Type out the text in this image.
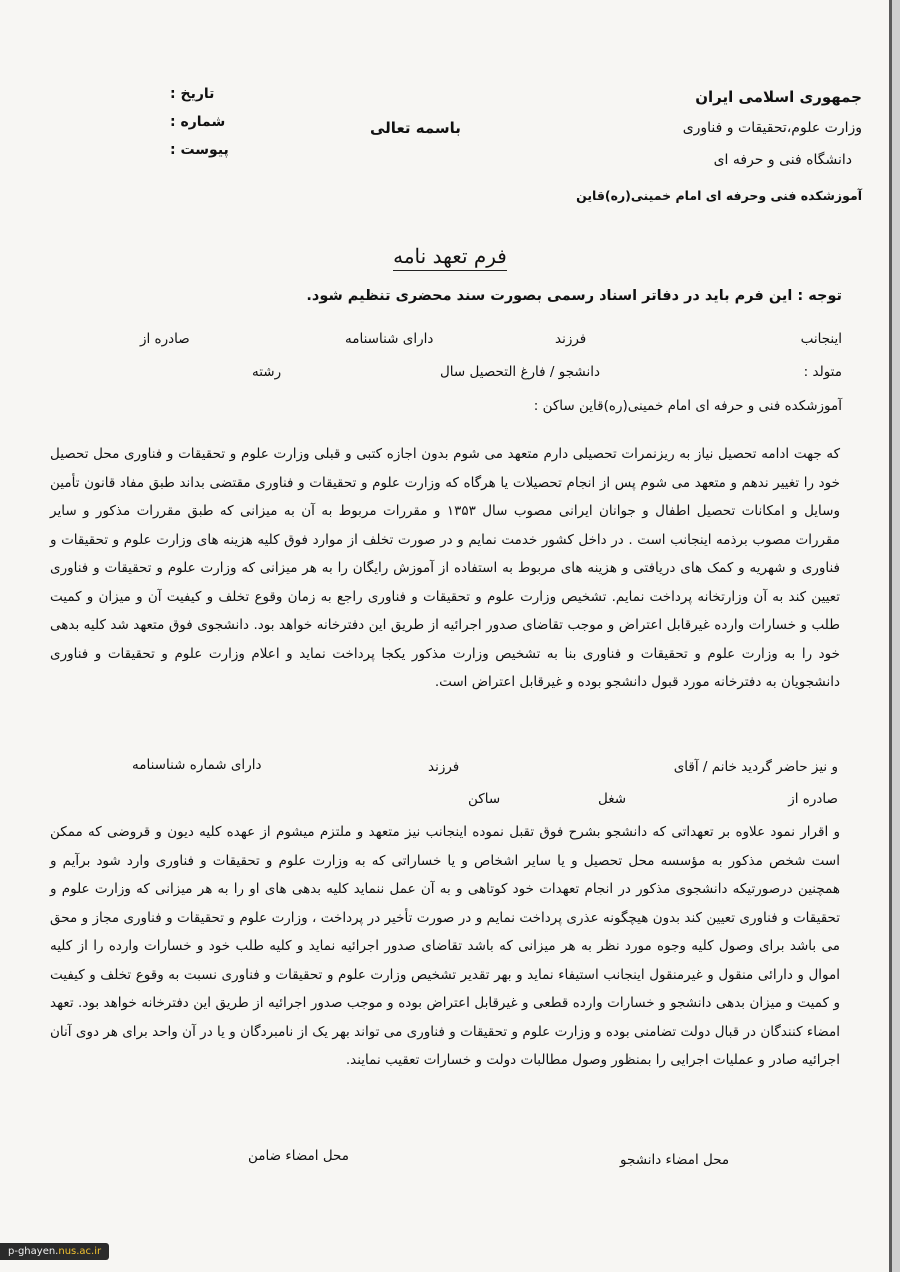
جمهوری اسلامی ایران
وزارت علوم،تحقیقات و فناوری
دانشگاه فنی و حرفه ای
آموزشکده فنی وحرفه ای امام خمینی(ره)قاین
باسمه تعالی
تاریخ :
شماره :
پیوست :
فرم تعهد نامه
توجه : این فرم باید در دفاتر اسناد رسمی بصورت سند محضری تنظیم شود.
اینجانب
فرزند
دارای شناسنامه
صادره از
متولد :
دانشجو / فارغ التحصیل سال
رشته
آموزشکده فنی و حرفه ای امام خمینی(ره)قاین ساکن :
که جهت ادامه تحصیل نیاز به ریزنمرات تحصیلی دارم متعهد می شوم بدون اجازه کتبی و قبلی وزارت علوم و تحقیقات و فناوری محل تحصیل خود را تغییر ندهم و متعهد می شوم پس از انجام تحصیلات یا هرگاه که وزارت علوم و تحقیقات و فناوری مقتضی بداند طبق مفاد قانون تأمین وسایل و امکانات تحصیل اطفال و جوانان ایرانی مصوب سال ۱۳۵۳ و مقررات مربوط به آن به میزانی که طبق مقررات مذکور و سایر مقررات مصوب برذمه اینجانب است . در داخل کشور خدمت نمایم و در صورت تخلف از موارد فوق کلیه هزینه های وزارت علوم و تحقیقات و فناوری و شهریه و کمک های دریافتی و هزینه های مربوط به استفاده از آموزش رایگان را به هر میزانی که وزارت علوم و تحقیقات و فناوری تعیین کند به آن وزارتخانه پرداخت نمایم. تشخیص وزارت علوم و تحقیقات و فناوری راجع به زمان وقوع تخلف و کیفیت آن و میزان و کمیت طلب و خسارات وارده غیرقابل اعتراض و موجب تقاضای صدور اجرائیه از طریق این دفترخانه خواهد بود. دانشجوی فوق متعهد شد کلیه بدهی خود را به وزارت علوم و تحقیقات و فناوری بنا به تشخیص وزارت مذکور یکجا پرداخت نماید و اعلام وزارت علوم و تحقیقات و فناوری دانشجویان به دفترخانه مورد قبول دانشجو بوده و غیرقابل اعتراض است.
و نیز حاضر گردید خانم / آقای
فرزند
دارای شماره شناسنامه
صادره از
شغل
ساکن
و اقرار نمود علاوه بر تعهداتی که دانشجو بشرح فوق تقبل نموده اینجانب نیز متعهد و ملتزم میشوم از عهده کلیه دیون و قروضی که ممکن است شخص مذکور به مؤسسه محل تحصیل و یا سایر اشخاص و یا خساراتی که به وزارت علوم و تحقیقات و فناوری وارد شود برآیم و همچنین درصورتیکه دانشجوی مذکور در انجام تعهدات خود کوتاهی و به آن عمل ننماید کلیه بدهی های او را به هر میزانی که وزارت علوم و تحقیقات و فناوری تعیین کند بدون هیچگونه عذری پرداخت نمایم و در صورت تأخیر در پرداخت ، وزارت علوم و تحقیقات و فناوری مجاز و محق می باشد برای وصول کلیه وجوه مورد نظر به هر میزانی که باشد تقاضای صدور اجرائیه نماید و کلیه طلب خود و خسارات وارده را از کلیه اموال و دارائی منقول و غیرمنقول اینجانب استیفاء نماید و بهر تقدیر تشخیص وزارت علوم و تحقیقات و فناوری نسبت به وقوع تخلف و کیفیت و کمیت و میزان بدهی دانشجو و خسارات وارده قطعی و غیرقابل اعتراض بوده و موجب صدور اجرائیه از طریق این دفترخانه خواهد بود. تعهد امضاء کنندگان در قبال دولت تضامنی بوده و وزارت علوم و تحقیقات و فناوری می تواند بهر یک از نامبردگان و یا در آن واحد برای هر دوی آنان اجرائیه صادر و عملیات اجرایی را بمنظور وصول مطالبات دولت و خسارات تعقیب نمایند.
محل امضاء دانشجو
محل امضاء ضامن
p-ghayen.nus.ac.ir
